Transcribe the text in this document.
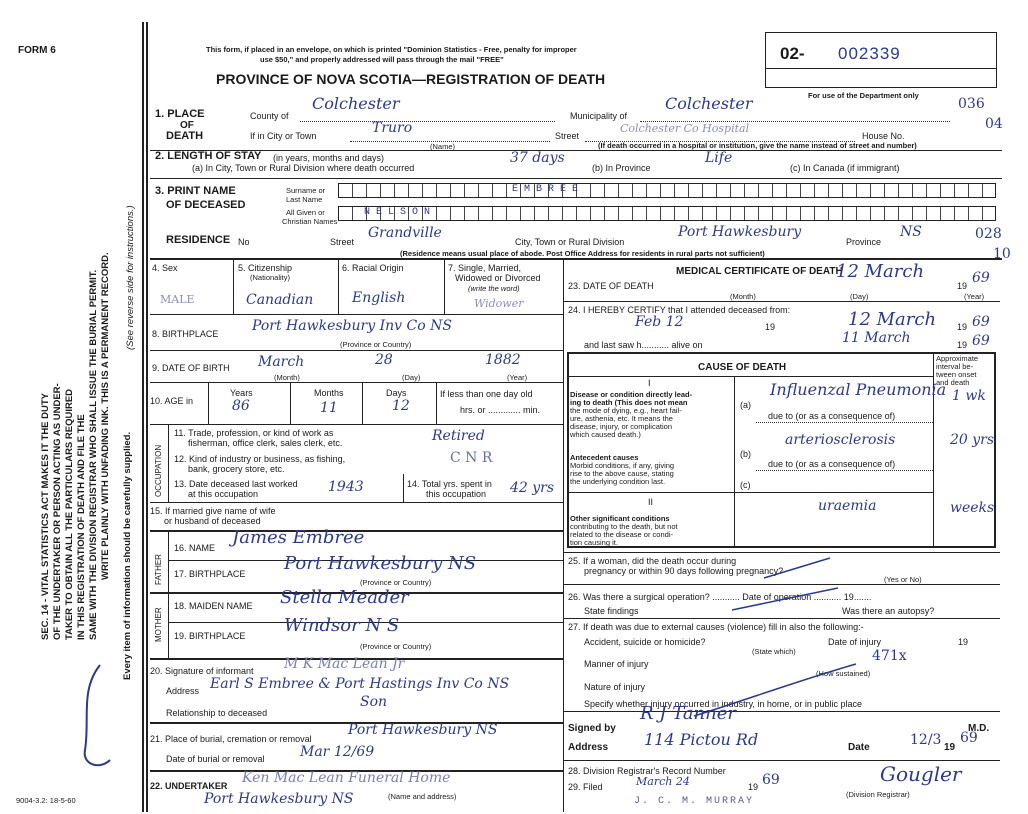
FORM 6
9004-3.2: 18-5-60
SEC. 14 - VITAL STATISTICS ACT MAKES IT THE DUTY OF THE UNDERTAKER OR PERSON ACTING AS UNDER- TAKER TO OBTAIN ALL THE PARTICULARS REQUIRED IN THIS REGISTRATION OF DEATH AND FILE THE SAME WITH THE DIVISION REGISTRAR WHO SHALL ISSUE THE BURIAL PERMIT. WRITE PLAINLY WITH UNFADING INK. THIS IS A PERMANENT RECORD. Every item of information should be carefully supplied.
(See reverse side for instructions.)
This form, if placed in an envelope, on which is printed "Dominion Statistics - Free, penalty for improper
use $50," and properly addressed will pass through the mail "FREE"
PROVINCE OF NOVA SCOTIA—REGISTRATION OF DEATH
02- 002339
For use of the Department only
036
04
028
10
1. PLACE
OF
DEATH
County of
Colchester
Municipality of
Colchester
If in City or Town	Truro
(Name)
Street
Colchester Co Hospital
House No.
(If death occurred in a hospital or institution, give the name instead of street and number)
2. LENGTH OF STAY (in years, months and days)
(a) In City, Town or Rural Division where death occurred
37 days
(b) In Province
Life
(c) In Canada (if immigrant)
3. PRINT NAME
OF DECEASED
Surname or
Last Name
All Given or
Christian Names
EMBREE
NELSON
RESIDENCE No	Street
Grandville
City, Town or Rural Division
Port Hawkesbury
Province
NS
(Residence means usual place of abode. Post Office Address for residents in rural parts not sufficient)
4. Sex
MALE
5. Citizenship
(Nationality)
Canadian
6. Racial Origin
English
7. Single, Married,
Widowed or Divorced
(write the word)
Widower
8. BIRTHPLACE Port Hawkesbury Inv Co NS
(Province or Country)
9. DATE OF BIRTH March	28	1882
(Month)	(Day)	(Year)
10. AGE in
Years	Months	Days
86	11	12
If less than one day old
hrs. or ............. min.
OCCUPATION
11. Trade, profession, or kind of work as
fisherman, office clerk, sales clerk, etc.	Retired
12. Kind of industry or business, as fishing,
bank, grocery store, etc.
C N R
13. Date deceased last worked
at this occupation	1943	14. Total yrs. spent in
this occupation 42 yrs
15. If married give name of wife
or husband of deceased
FATHER
16. NAME James Embree
17. BIRTHPLACE Port Hawkesbury NS
(Province or Country)
MOTHER
18. MAIDEN NAME Stella Meader
19. BIRTHPLACE Windsor N S
(Province or Country)
20. Signature of informant M K Mac Lean Jr
Address Earl S Embree & Port Hastings Inv Co NS
Relationship to deceased
Son
21. Place of burial, cremation or removal
Port Hawkesbury NS
Date of burial or removal	Mar 12/69
22. UNDERTAKER Ken Mac Lean Funeral Home
Port Hawkesbury NS	(Name and address)
MEDICAL CERTIFICATE OF DEATH
23. DATE OF DEATH
12 March
19 69
(Month)	(Day)	(Year)
24. I HEREBY CERTIFY that I attended deceased from:
Feb 12	19	12 March 19 69
and last saw h........... alive on	11 March	19 69
CAUSE OF DEATH
Approximate
interval be-
tween onset
and death
I
Disease or condition directly lead-
ing to death (This does not mean
the mode of dying, e.g., heart fail-
ure, asthenia, etc. It means the
disease, injury, or complication
which caused death.)
(a)
Influenzal Pneumonia 1 wk
due to (or as a consequence of)
arteriosclerosis	20 yrs
Antecedent causes
Morbid conditions, if any, giving
rise to the above cause, stating
the underlying condition last.
(b)
due to (or as a consequence of)
(c)
II
Other significant conditions
contributing to the death, but not
related to the disease or condi-
tion causing it.
uraemia	weeks
25. If a woman, did the death occur during
pregnancy or within 90 days following pregnancy?
(Yes or No)
26. Was there a surgical operation? ........... Date of operation ........... 19.......
State findings	Was there an autopsy?
27. If death was due to external causes (violence) fill in also the following:-
Accident, suicide or homicide?	Date of injury	19
(State which)
Manner of injury	471x
(How sustained)
Nature of injury
Specify whether injury occurred in industry, in home, or in public place
Signed by
R J Tanner
M.D.
Address 114 Pictou Rd	Date	12/3 19
69
28. Division Registrar's Record Number
29. Filed	March 24	19 69
J. C. M. MURRAY
Gougler
(Division Registrar)
